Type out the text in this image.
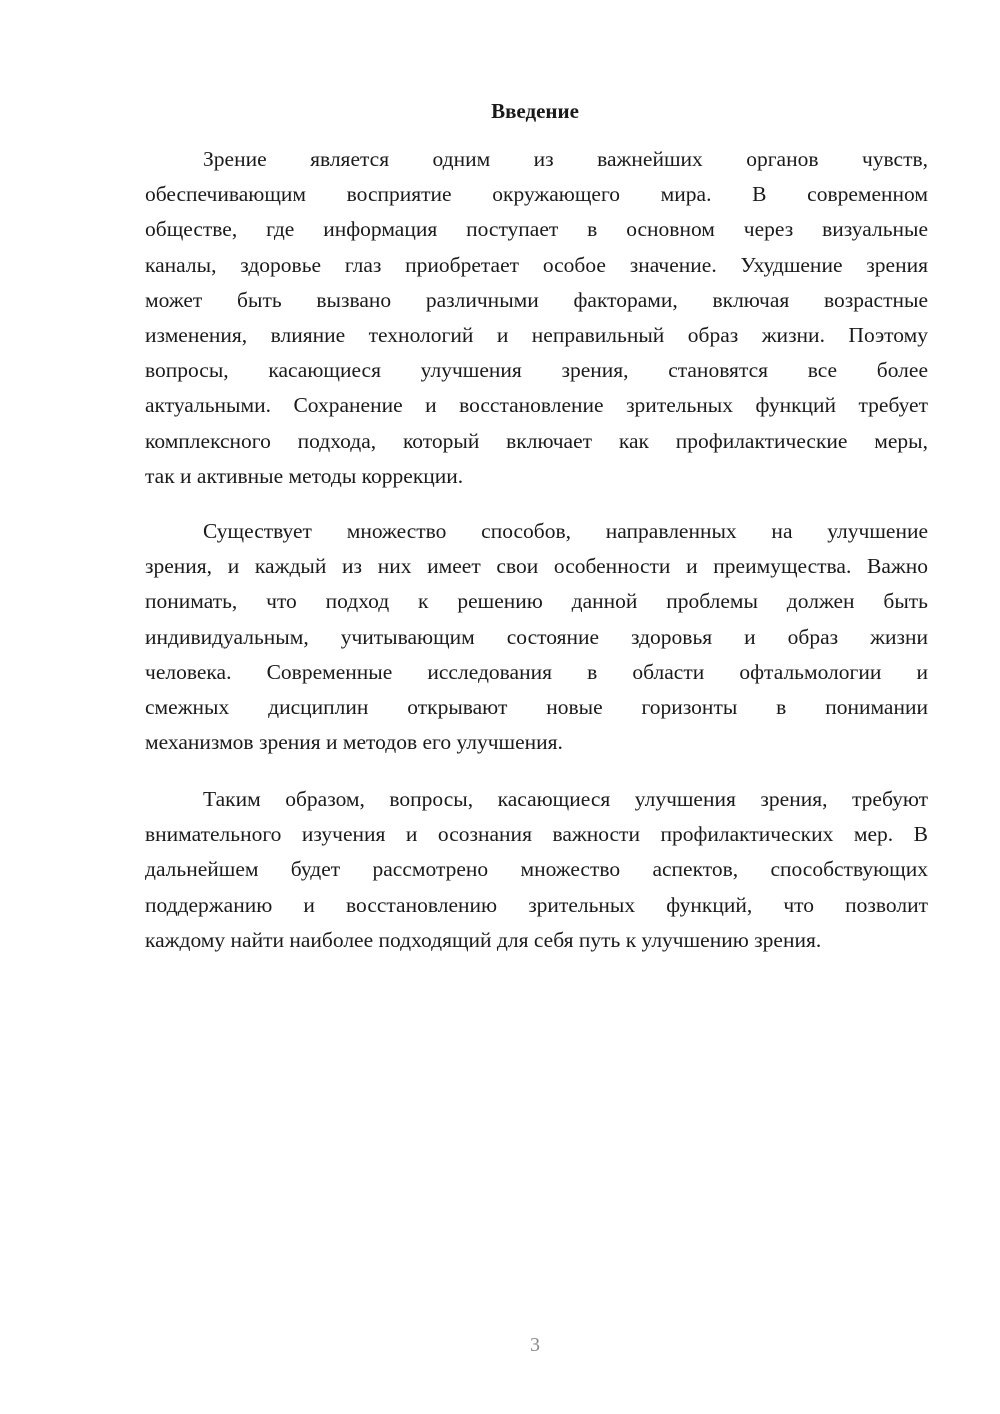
Введение
Зрение является одним из важнейших органов чувств,
обеспечивающим восприятие окружающего мира. В современном
обществе, где информация поступает в основном через визуальные
каналы, здоровье глаз приобретает особое значение. Ухудшение зрения
может быть вызвано различными факторами, включая возрастные
изменения, влияние технологий и неправильный образ жизни. Поэтому
вопросы, касающиеся улучшения зрения, становятся все более
актуальными. Сохранение и восстановление зрительных функций требует
комплексного подхода, который включает как профилактические меры,
так и активные методы коррекции.
Существует множество способов, направленных на улучшение
зрения, и каждый из них имеет свои особенности и преимущества. Важно
понимать, что подход к решению данной проблемы должен быть
индивидуальным, учитывающим состояние здоровья и образ жизни
человека. Современные исследования в области офтальмологии и
смежных дисциплин открывают новые горизонты в понимании
механизмов зрения и методов его улучшения.
Таким образом, вопросы, касающиеся улучшения зрения, требуют
внимательного изучения и осознания важности профилактических мер. В
дальнейшем будет рассмотрено множество аспектов, способствующих
поддержанию и восстановлению зрительных функций, что позволит
каждому найти наиболее подходящий для себя путь к улучшению зрения.
3
